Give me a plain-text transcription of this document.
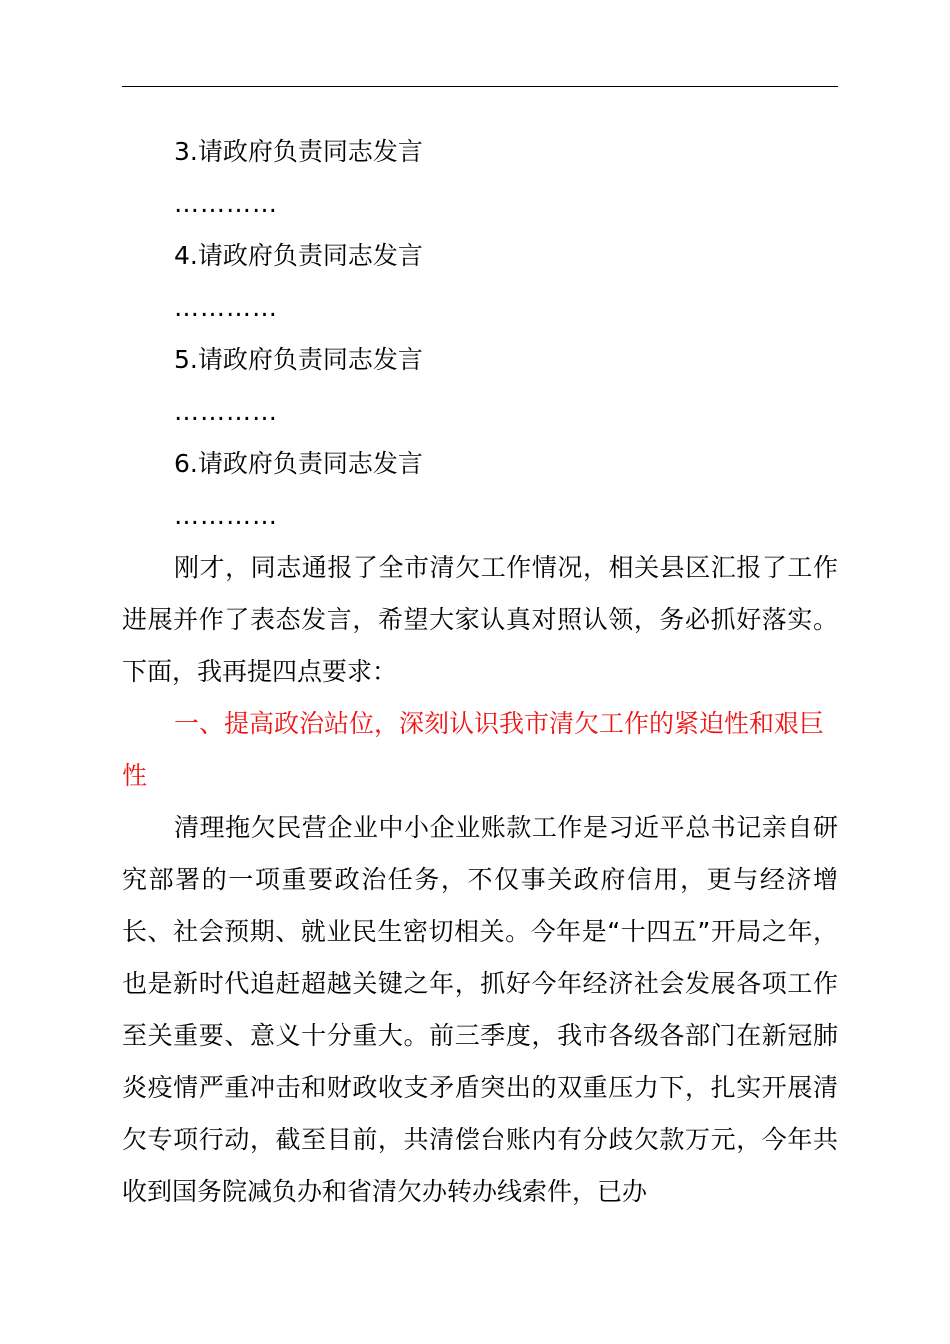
3.请政府负责同志发言
…………
4.请政府负责同志发言
…………
5.请政府负责同志发言
…………
6.请政府负责同志发言
…………

刚才，同志通报了全市清欠工作情况，相关县区汇报了工作进展并作了表态发言，希望大家认真对照认领，务必抓好落实。下面，我再提四点要求：

一、提高政治站位，深刻认识我市清欠工作的紧迫性和艰巨性

清理拖欠民营企业中小企业账款工作是习近平总书记亲自研究部署的一项重要政治任务，不仅事关政府信用，更与经济增长、社会预期、就业民生密切相关。今年是“十四五”开局之年，也是新时代追赶超越关键之年，抓好今年经济社会发展各项工作至关重要、意义十分重大。前三季度，我市各级各部门在新冠肺炎疫情严重冲击和财政收支矛盾突出的双重压力下，扎实开展清欠专项行动，截至目前，共清偿台账内有分歧欠款万元，今年共收到国务院减负办和省清欠办转办线索件，已办
